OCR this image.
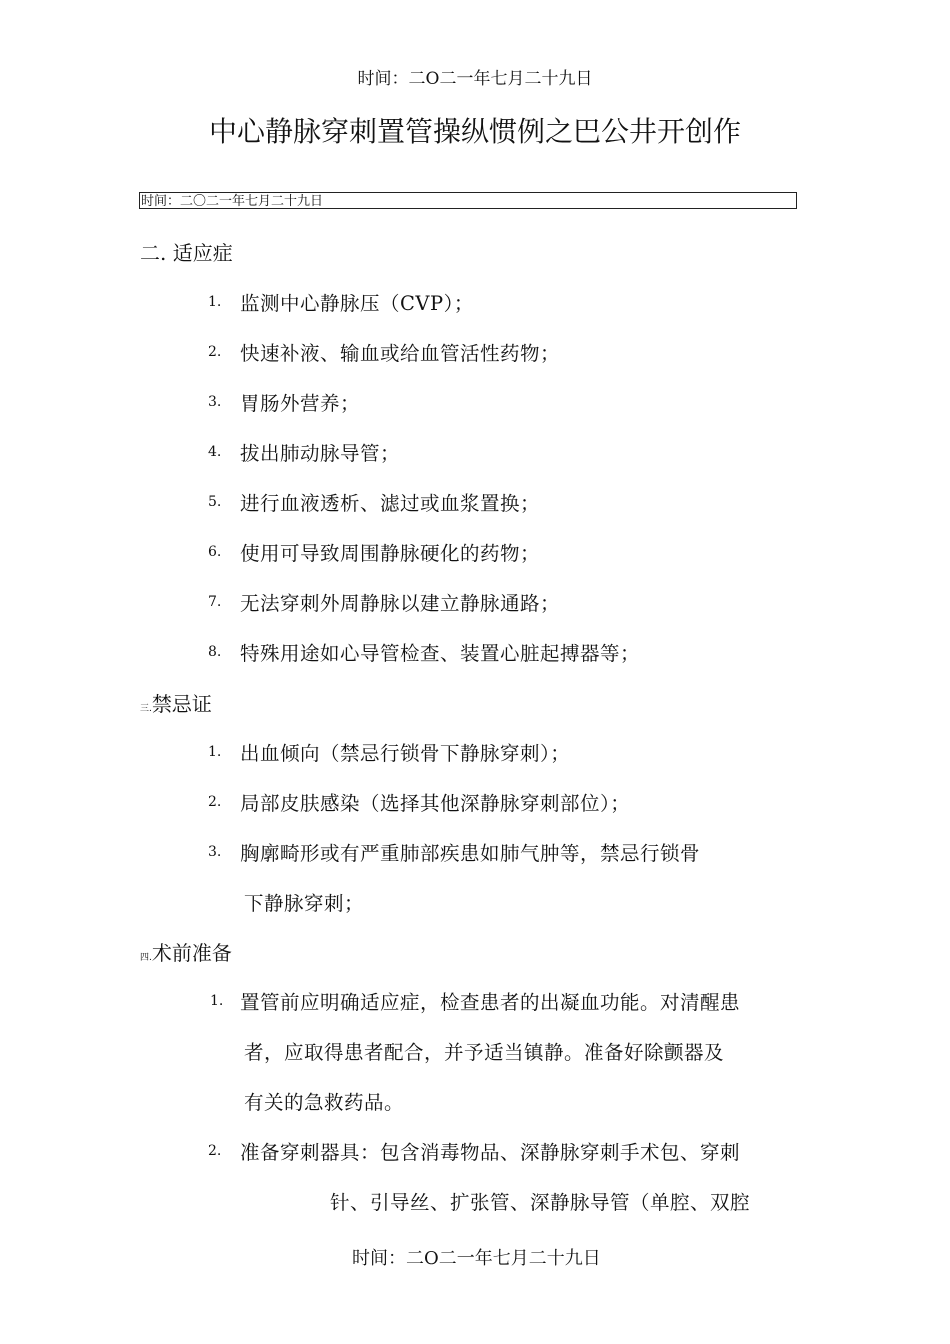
时间：二O二一年七月二十九日
中心静脉穿刺置管操纵惯例之巴公井开创作
时间：二〇二一年七月二十九日
二. 适应症
1. 监测中心静脉压（CVP）；
2. 快速补液、输血或给血管活性药物；
3. 胃肠外营养；
4. 拔出肺动脉导管；
5. 进行血液透析、滤过或血浆置换；
6. 使用可导致周围静脉硬化的药物；
7. 无法穿刺外周静脉以建立静脉通路；
8. 特殊用途如心导管检查、装置心脏起搏器等；
三.禁忌证
1. 出血倾向（禁忌行锁骨下静脉穿刺）；
2. 局部皮肤感染（选择其他深静脉穿刺部位）；
3. 胸廓畸形或有严重肺部疾患如肺气肿等，禁忌行锁骨
下静脉穿刺；
四.术前准备
1. 置管前应明确适应症，检查患者的出凝血功能。对清醒患
者，应取得患者配合，并予适当镇静。准备好除颤器及
有关的急救药品。
2. 准备穿刺器具：包含消毒物品、深静脉穿刺手术包、穿刺
针、引导丝、扩张管、深静脉导管（单腔、双腔
时间：二O二一年七月二十九日
